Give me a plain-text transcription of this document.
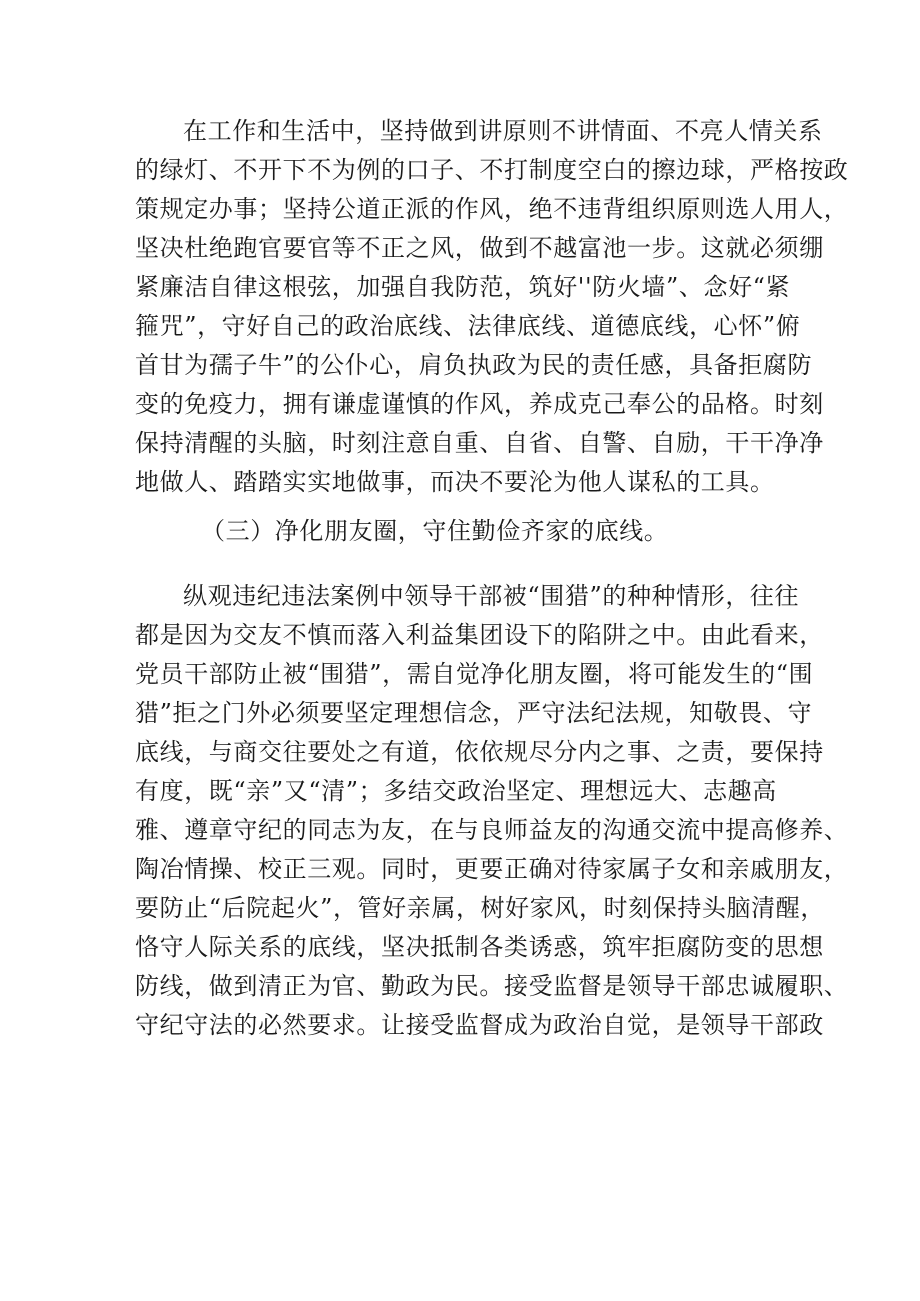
在工作和生活中，坚持做到讲原则不讲情面、不亮人情关系
的绿灯、不开下不为例的口子、不打制度空白的擦边球，严格按政
策规定办事；坚持公道正派的作风，绝不违背组织原则选人用人，
坚决杜绝跑官要官等不正之风，做到不越富池一步。这就必须绷
紧廉洁自律这根弦，加强自我防范，筑好''防火墙”、念好“紧
箍咒”，守好自己的政治底线、法律底线、道德底线，心怀”俯
首甘为孺子牛”的公仆心，肩负执政为民的责任感，具备拒腐防
变的免疫力，拥有谦虚谨慎的作风，养成克己奉公的品格。时刻
保持清醒的头脑，时刻注意自重、自省、自警、自励，干干净净
地做人、踏踏实实地做事，而决不要沦为他人谋私的工具。
（三）净化朋友圈，守住勤俭齐家的底线。
纵观违纪违法案例中领导干部被“围猎”的种种情形，往往
都是因为交友不慎而落入利益集团设下的陷阱之中。由此看来，
党员干部防止被“围猎”，需自觉净化朋友圈，将可能发生的“围
猎”拒之门外必须要坚定理想信念，严守法纪法规，知敬畏、守
底线，与商交往要处之有道，依依规尽分内之事、之责，要保持
有度，既“亲”又“清”；多结交政治坚定、理想远大、志趣高
雅、遵章守纪的同志为友，在与良师益友的沟通交流中提高修养、
陶冶情操、校正三观。同时，更要正确对待家属子女和亲戚朋友，
要防止“后院起火”，管好亲属，树好家风，时刻保持头脑清醒，
恪守人际关系的底线，坚决抵制各类诱惑，筑牢拒腐防变的思想
防线，做到清正为官、勤政为民。接受监督是领导干部忠诚履职、
守纪守法的必然要求。让接受监督成为政治自觉，是领导干部政
